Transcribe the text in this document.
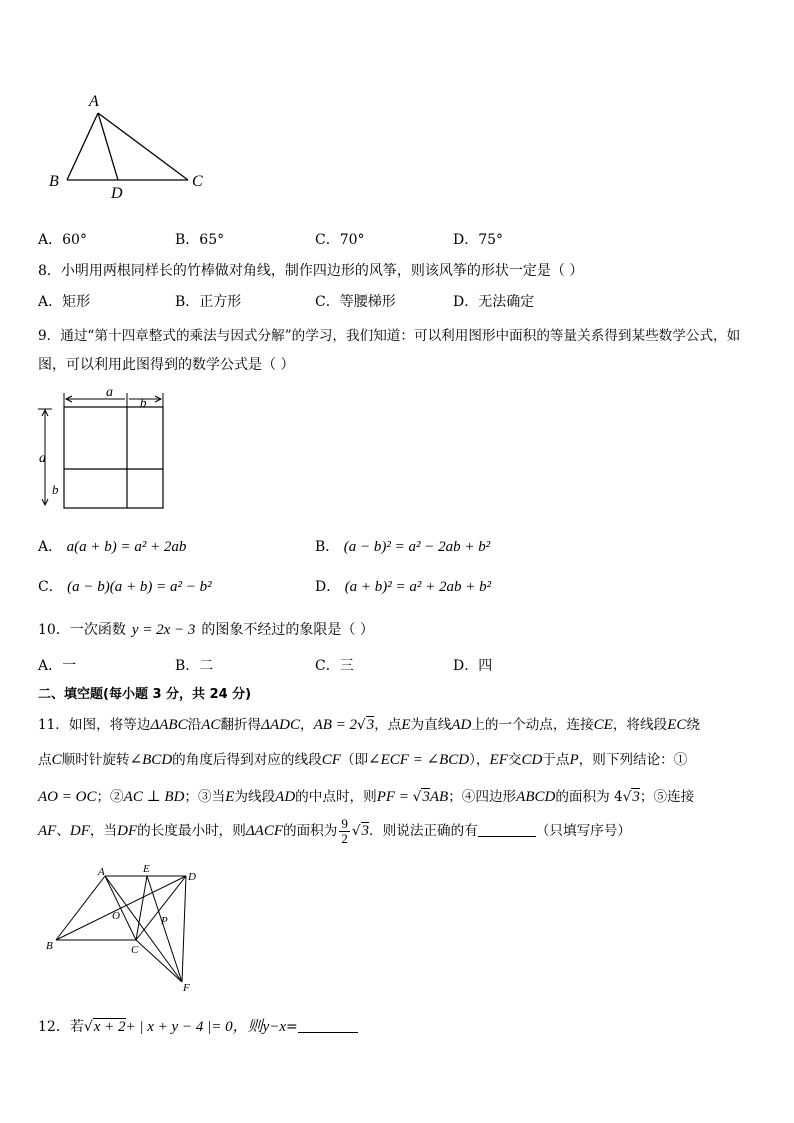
A
B
D
C
A．60°	B．65°	C．70°	D．75°
8．小明用两根同样长的竹棒做对角线，制作四边形的风筝，则该风筝的形状一定是（ ）
A．矩形	B．正方形	C．等腰梯形	D．无法确定
9．通过“第十四章整式的乘法与因式分解”的学习，我们知道：可以利用图形中面积的等量关系得到某些数学公式，如
图，可以利用此图得到的数学公式是（ ）
a
b
a
b
A． a(a + b) = a² + 2ab	B． (a − b)² = a² − 2ab + b²
C． (a − b)(a + b) = a² − b²	D． (a + b)² = a² + 2ab + b²
10．一次函数 y = 2x − 3 的图象不经过的象限是（ ）
A．一	B．二	C．三	D．四
二、填空题(每小题 3 分，共 24 分)
11．如图，将等边ΔABC沿AC翻折得ΔADC，AB = 2√3，点E为直线AD上的一个动点，连接CE，将线段EC绕
点C顺时针旋转∠BCD的角度后得到对应的线段CF（即∠ECF = ∠BCD），EF交CD于点P，则下列结论：①
AO = OC；②AC ⊥ BD；③当E为线段AD的中点时，则PF = √3AB；④四边形ABCD的面积为 4√3；⑤连接
AF、DF，当DF的长度最小时，则ΔACF的面积为 $\frac{9}{2} √3$．则说法正确的有	（只填写序号）
A	E
D
O	P
B	C
F
12．若√x + 2+ | x + y − 4 |= 0，则y−x=
